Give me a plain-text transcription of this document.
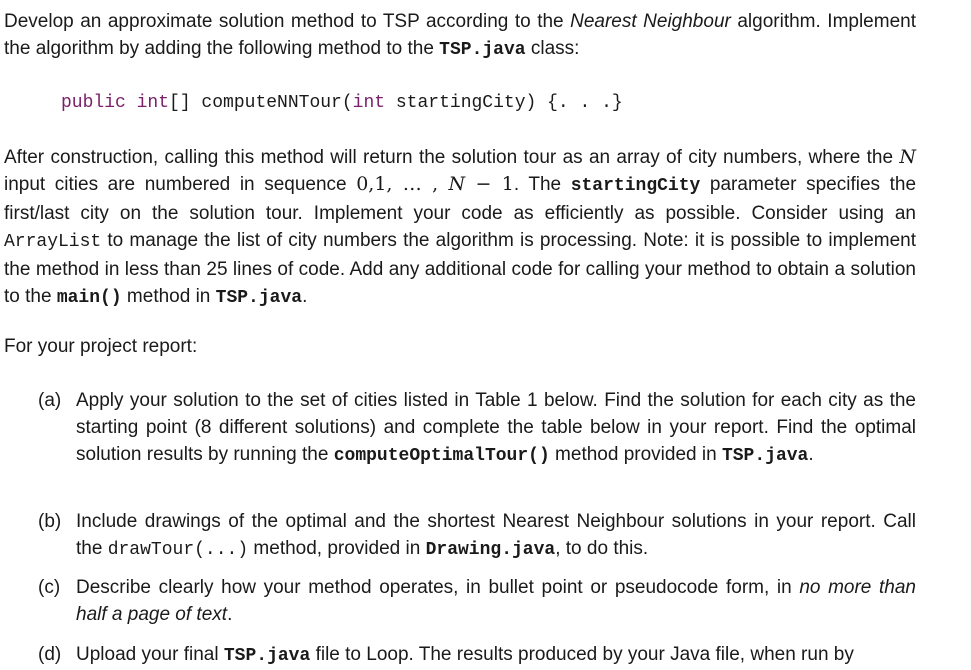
Develop an approximate solution method to TSP according to the Nearest Neighbour algorithm. Implement the algorithm by adding the following method to the TSP.java class:

public int[] computeNNTour(int startingCity) {. . .}

After construction, calling this method will return the solution tour as an array of city numbers, where the N input cities are numbered in sequence 0,1, … , N − 1. The startingCity parameter specifies the first/last city on the solution tour. Implement your code as efficiently as possible. Consider using an ArrayList to manage the list of city numbers the algorithm is processing. Note: it is possible to implement the method in less than 25 lines of code. Add any additional code for calling your method to obtain a solution to the main() method in TSP.java.

For your project report:

(a) Apply your solution to the set of cities listed in Table 1 below. Find the solution for each city as the starting point (8 different solutions) and complete the table below in your report. Find the optimal solution results by running the computeOptimalTour() method provided in TSP.java.
(b) Include drawings of the optimal and the shortest Nearest Neighbour solutions in your report. Call the drawTour(...) method, provided in Drawing.java, to do this.
(c) Describe clearly how your method operates, in bullet point or pseudocode form, in no more than half a page of text.
(d) Upload your final TSP.java file to Loop. The results produced by your Java file, when run by
